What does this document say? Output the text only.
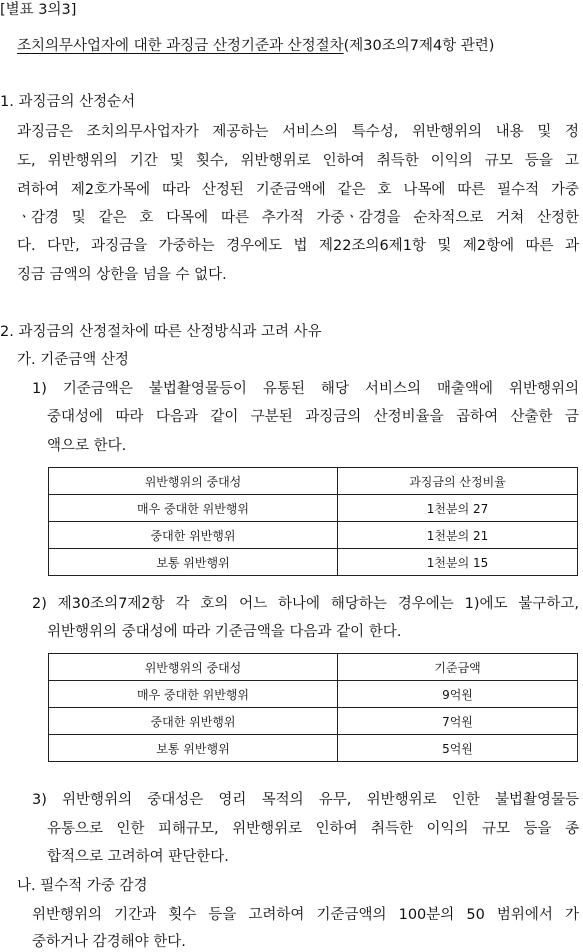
[별표 3의3]
조치의무사업자에 대한 과징금 산정기준과 산정절차(제30조의7제4항 관련)
1. 과징금의 산정순서
과징금은 조치의무사업자가 제공하는 서비스의 특수성, 위반행위의 내용 및 정
도, 위반행위의 기간 및 횟수, 위반행위로 인하여 취득한 이익의 규모 등을 고
려하여 제2호가목에 따라 산정된 기준금액에 같은 호 나목에 따른 필수적 가중
ㆍ감경 및 같은 호 다목에 따른 추가적 가중ㆍ감경을 순차적으로 거쳐 산정한
다. 다만, 과징금을 가중하는 경우에도 법 제22조의6제1항 및 제2항에 따른 과
징금 금액의 상한을 넘을 수 없다.
2. 과징금의 산정절차에 따른 산정방식과 고려 사유
가. 기준금액 산정
1) 기준금액은 불법촬영물등이 유통된 해당 서비스의 매출액에 위반행위의
중대성에 따라 다음과 같이 구분된 과징금의 산정비율을 곱하여 산출한 금
액으로 한다.
위반행위의 중대성	과징금의 산정비율
매우 중대한 위반행위	1천분의 27
중대한 위반행위	1천분의 21
보통 위반행위	1천분의 15
2) 제30조의7제2항 각 호의 어느 하나에 해당하는 경우에는 1)에도 불구하고,
위반행위의 중대성에 따라 기준금액을 다음과 같이 한다.
위반행위의 중대성	기준금액
매우 중대한 위반행위	9억원
중대한 위반행위	7억원
보통 위반행위	5억원
3) 위반행위의 중대성은 영리 목적의 유무, 위반행위로 인한 불법촬영물등
유통으로 인한 피해규모, 위반행위로 인하여 취득한 이익의 규모 등을 종
합적으로 고려하여 판단한다.
나. 필수적 가중 감경
위반행위의 기간과 횟수 등을 고려하여 기준금액의 100분의 50 범위에서 가
중하거나 감경해야 한다.
